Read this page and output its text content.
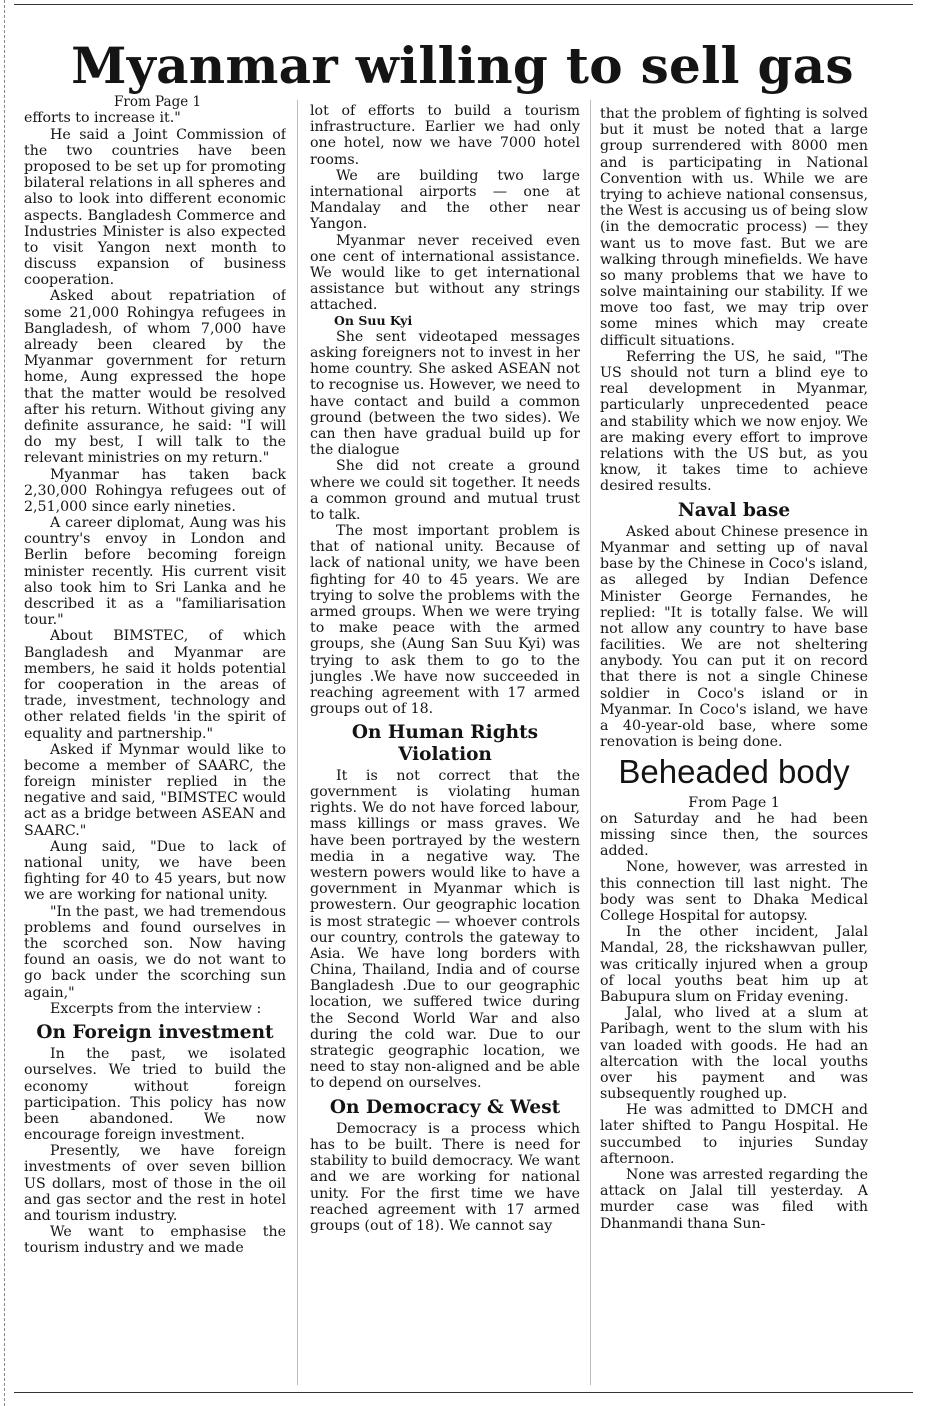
Myanmar willing to sell gas

From Page 1

efforts to increase it."

He said a Joint Commission of the two countries have been proposed to be set up for promoting bilateral relations in all spheres and also to look into different economic aspects. Bangladesh Commerce and Industries Minister is also expected to visit Yangon next month to discuss expansion of business cooperation.

Asked about repatriation of some 21,000 Rohingya refugees in Bangladesh, of whom 7,000 have already been cleared by the Myanmar government for return home, Aung expressed the hope that the matter would be resolved after his return. Without giving any definite assurance, he said: "I will do my best, I will talk to the relevant ministries on my return."

Myanmar has taken back 2,30,000 Rohingya refugees out of 2,51,000 since early nineties.

A career diplomat, Aung was his country's envoy in London and Berlin before becoming foreign minister recently. His current visit also took him to Sri Lanka and he described it as a "familiarisation tour."

About BIMSTEC, of which Bangladesh and Myanmar are members, he said it holds potential for cooperation in the areas of trade, investment, technology and other related fields 'in the spirit of equality and partnership."

Asked if Mynmar would like to become a member of SAARC, the foreign minister replied in the negative and said, "BIMSTEC would act as a bridge between ASEAN and SAARC."

Aung said, "Due to lack of national unity, we have been fighting for 40 to 45 years, but now we are working for national unity.

"In the past, we had tremendous problems and found ourselves in the scorched son. Now having found an oasis, we do not want to go back under the scorching sun again,"

Excerpts from the interview :

On Foreign investment

In the past, we isolated ourselves. We tried to build the economy without foreign participation. This policy has now been abandoned. We now encourage foreign investment.

Presently, we have foreign investments of over seven billion US dollars, most of those in the oil and gas sector and the rest in hotel and tourism industry.

We want to emphasise the tourism industry and we made

lot of efforts to build a tourism infrastructure. Earlier we had only one hotel, now we have 7000 hotel rooms.

We are building two large international airports — one at Mandalay and the other near Yangon.

Myanmar never received even one cent of international assistance. We would like to get international assistance but without any strings attached.

On Suu Kyi

She sent videotaped messages asking foreigners not to invest in her home country. She asked ASEAN not to recognise us. However, we need to have contact and build a common ground (between the two sides). We can then have gradual build up for the dialogue

She did not create a ground where we could sit together. It needs a common ground and mutual trust to talk.

The most important problem is that of national unity. Because of lack of national unity, we have been fighting for 40 to 45 years. We are trying to solve the problems with the armed groups. When we were trying to make peace with the armed groups, she (Aung San Suu Kyi) was trying to ask them to go to the jungles .We have now succeeded in reaching agreement with 17 armed groups out of 18.

On Human Rights Violation

It is not correct that the government is violating human rights. We do not have forced labour, mass killings or mass graves. We have been portrayed by the western media in a negative way. The western powers would like to have a government in Myanmar which is prowestern. Our geographic location is most strategic — whoever controls our country, controls the gateway to Asia. We have long borders with China, Thailand, India and of course Bangladesh .Due to our geographic location, we suffered twice during the Second World War and also during the cold war. Due to our strategic geographic location, we need to stay non-aligned and be able to depend on ourselves.

On Democracy & West

Democracy is a process which has to be built. There is need for stability to build democracy. We want and we are working for national unity. For the first time we have reached agreement with 17 armed groups (out of 18). We cannot say

that the problem of fighting is solved but it must be noted that a large group surrendered with 8000 men and is participating in National Convention with us. While we are trying to achieve national consensus, the West is accusing us of being slow (in the democratic process) — they want us to move fast. But we are walking through minefields. We have so many problems that we have to solve maintaining our stability. If we move too fast, we may trip over some mines which may create difficult situations.

Referring the US, he said, "The US should not turn a blind eye to real development in Myanmar, particularly unprecedented peace and stability which we now enjoy. We are making every effort to improve relations with the US but, as you know, it takes time to achieve desired results.

Naval base

Asked about Chinese presence in Myanmar and setting up of naval base by the Chinese in Coco's island, as alleged by Indian Defence Minister George Fernandes, he replied: "It is totally false. We will not allow any country to have base facilities. We are not sheltering anybody. You can put it on record that there is not a single Chinese soldier in Coco's island or in Myanmar. In Coco's island, we have a 40-year-old base, where some renovation is being done.

Beheaded body

From Page 1

on Saturday and he had been missing since then, the sources added.

None, however, was arrested in this connection till last night. The body was sent to Dhaka Medical College Hospital for autopsy.

In the other incident, Jalal Mandal, 28, the rickshawvan puller, was critically injured when a group of local youths beat him up at Babupura slum on Friday evening.

Jalal, who lived at a slum at Paribagh, went to the slum with his van loaded with goods. He had an altercation with the local youths over his payment and was subsequently roughed up.

He was admitted to DMCH and later shifted to Pangu Hospital. He succumbed to injuries Sunday afternoon.

None was arrested regarding the attack on Jalal till yesterday. A murder case was filed with Dhanmandi thana Sun-
